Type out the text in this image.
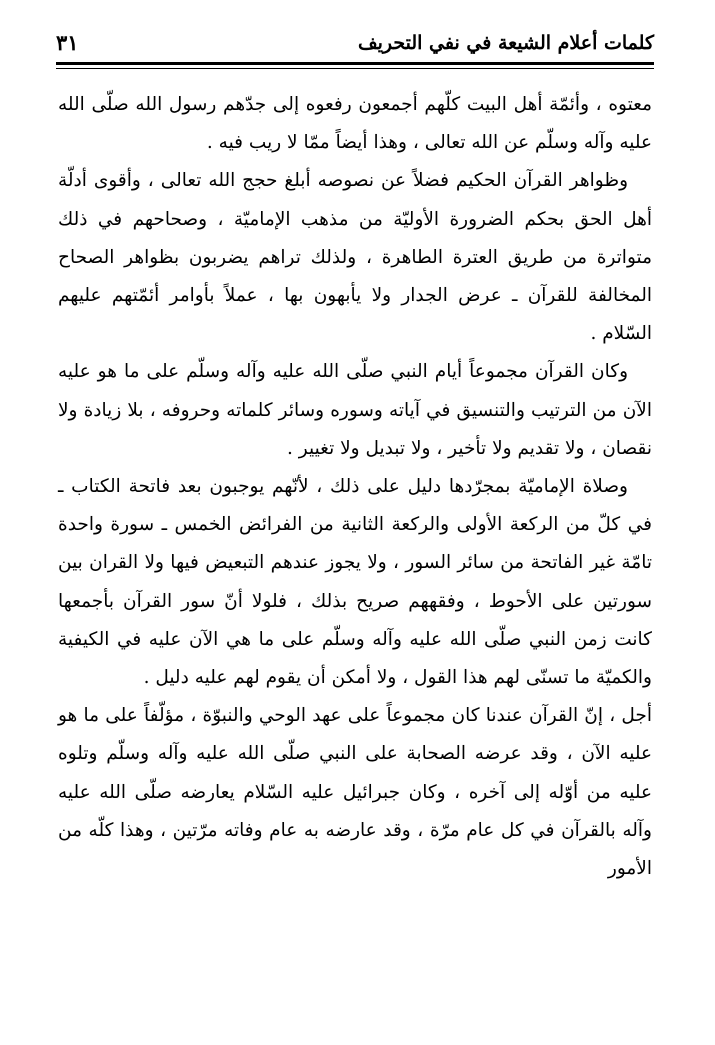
كلمات أعلام الشيعة في نفي التحريف
٣١

معتوه ، وأئمّة أهل البيت كلّهم أجمعون رفعوه إلى جدّهم رسول الله صلّى الله عليه وآله وسلّم عن الله تعالى ، وهذا أيضاً ممّا لا ريب فيه .

وظواهر القرآن الحكيم فضلاً عن نصوصه أبلغ حجج الله تعالى ، وأقوى أدلّة أهل الحق بحكم الضرورة الأوليّة من مذهب الإماميّة ، وصحاحهم في ذلك متواترة من طريق العترة الطاهرة ، ولذلك تراهم يضربون بظواهر الصحاح المخالفة للقرآن ـ عرض الجدار ولا يأبهون بها ، عملاً بأوامر أئمّتهم عليهم السّلام .

وكان القرآن مجموعاً أيام النبي صلّى الله عليه وآله وسلّم على ما هو عليه الآن من الترتيب والتنسيق في آياته وسوره وسائر كلماته وحروفه ، بلا زيادة ولا نقصان ، ولا تقديم ولا تأخير ، ولا تبديل ولا تغيير .

وصلاة الإماميّة بمجرّدها دليل على ذلك ، لأنّهم يوجبون بعد فاتحة الكتاب ـ في كلّ من الركعة الأولى والركعة الثانية من الفرائض الخمس ـ سورة واحدة تامّة غير الفاتحة من سائر السور ، ولا يجوز عندهم التبعيض فيها ولا القران بين سورتين على الأحوط ، وفقههم صريح بذلك ، فلولا أنّ سور القرآن بأجمعها كانت زمن النبي صلّى الله عليه وآله وسلّم على ما هي الآن عليه في الكيفية والكميّة ما تسنّى لهم هذا القول ، ولا أمكن أن يقوم لهم عليه دليل .

أجل ، إنّ القرآن عندنا كان مجموعاً على عهد الوحي والنبوّة ، مؤلّفاً على ما هو عليه الآن ، وقد عرضه الصحابة على النبي صلّى الله عليه وآله وسلّم وتلوه عليه من أوّله إلى آخره ، وكان جبرائيل عليه السّلام يعارضه صلّى الله عليه وآله بالقرآن في كل عام مرّة ، وقد عارضه به عام وفاته مرّتين ، وهذا كلّه من الأمور
